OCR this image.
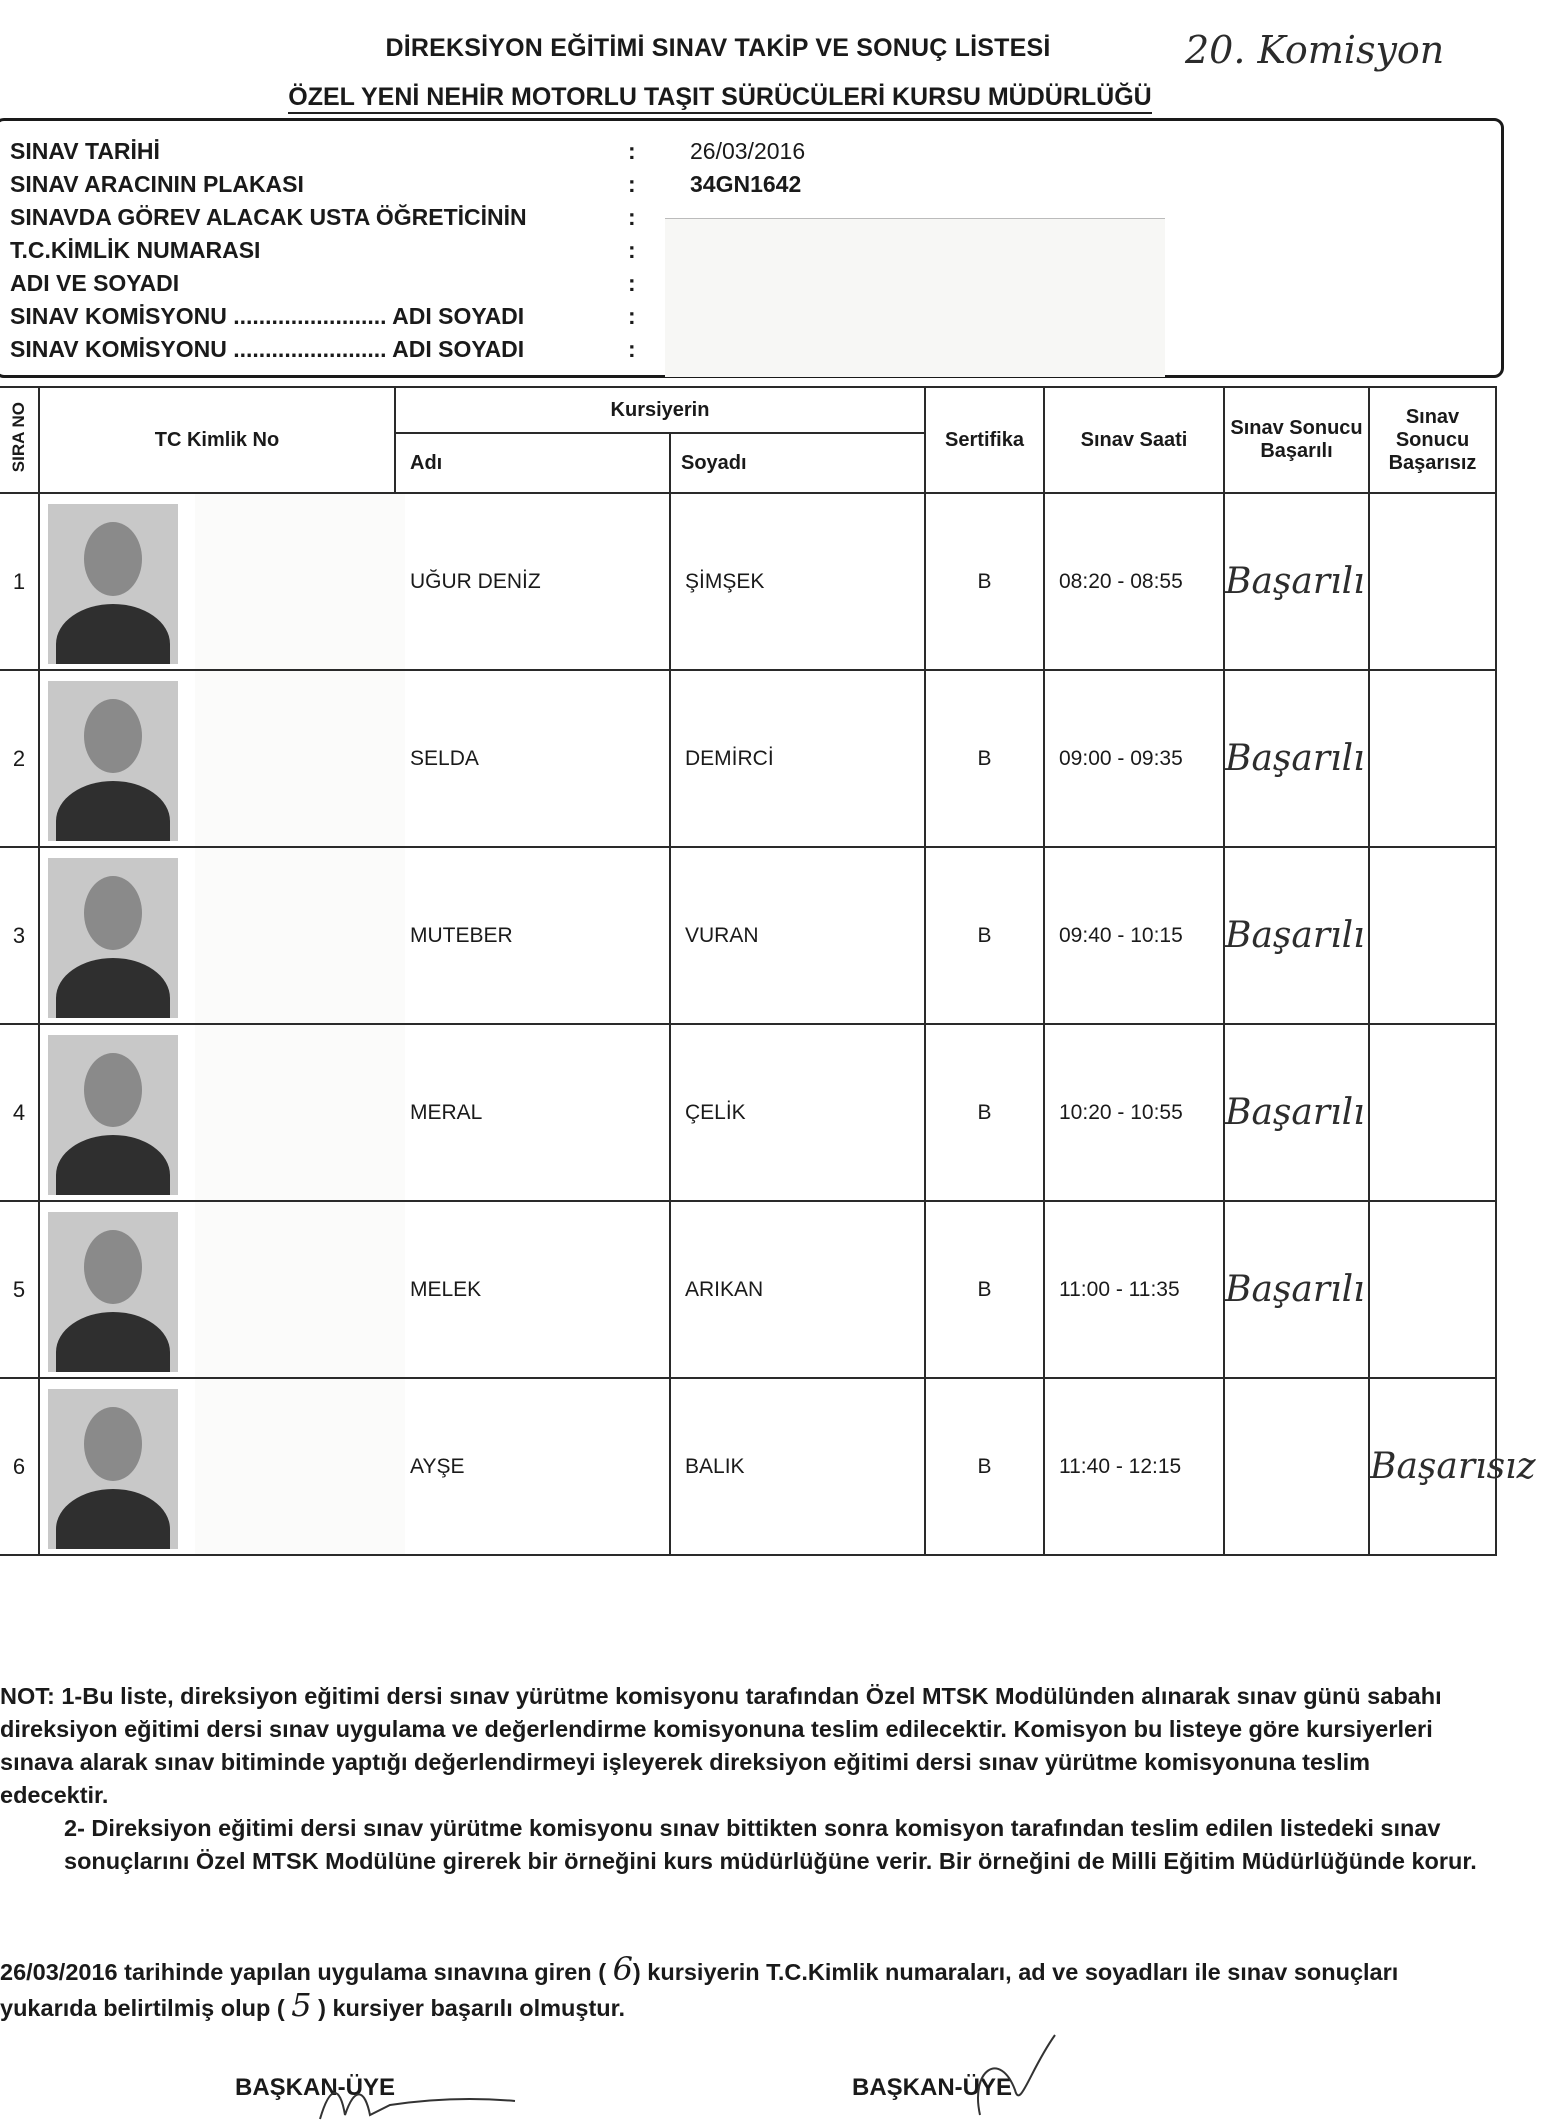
DİREKSİYON EĞİTİMİ SINAV TAKİP VE SONUÇ LİSTESİ
ÖZEL YENİ NEHİR MOTORLU TAŞIT SÜRÜCÜLERİ KURSU MÜDÜRLÜĞÜ
20. Komisyon
SINAV TARİHİ	: 26/03/2016
SINAV ARACININ PLAKASI	: 34GN1642
SINAVDA GÖREV ALACAK USTA ÖĞRETİCİNİN	:
T.C.KİMLİK NUMARASI	:
ADI VE SOYADI	:
SINAV KOMİSYONU ........................ ADI SOYADI	:
SINAV KOMİSYONU ........................ ADI SOYADI	:
SIRA NO	TC Kimlik No	Kursiyerin		Sertifika	Sınav Saati	Sınav Sonucu Başarılı	Sınav Sonucu Başarısız
		Adı	Soyadı				
1		UĞUR DENİZ	ŞİMŞEK	B	08:20 - 08:55	Başarılı	
2		SELDA	DEMİRCİ	B	09:00 - 09:35	Başarılı	
3		MUTEBER	VURAN	B	09:40 - 10:15	Başarılı	
4		MERAL	ÇELİK	B	10:20 - 10:55	Başarılı	
5		MELEK	ARIKAN	B	11:00 - 11:35	Başarılı	
6		AYŞE	BALIK	B	11:40 - 12:15		Başarısız

NOT: 1-Bu liste, direksiyon eğitimi dersi sınav yürütme komisyonu tarafından Özel MTSK Modülünden alınarak sınav günü sabahı direksiyon eğitimi dersi sınav uygulama ve değerlendirme komisyonuna teslim edilecektir. Komisyon bu listeye göre kursiyerleri sınava alarak sınav bitiminde yaptığı değerlendirmeyi işleyerek direksiyon eğitimi dersi sınav yürütme komisyonuna teslim edecektir.

2- Direksiyon eğitimi dersi sınav yürütme komisyonu sınav bittikten sonra komisyon tarafından teslim edilen listedeki sınav sonuçlarını Özel MTSK Modülüne girerek bir örneğini kurs müdürlüğüne verir. Bir örneğini de Milli Eğitim Müdürlüğünde korur.

26/03/2016 tarihinde yapılan uygulama sınavına giren ( 6) kursiyerin T.C.Kimlik numaraları, ad ve soyadları ile sınav sonuçları yukarıda belirtilmiş olup ( 5 ) kursiyer başarılı olmuştur.

BAŞKAN-ÜYE	BAŞKAN-ÜYE
